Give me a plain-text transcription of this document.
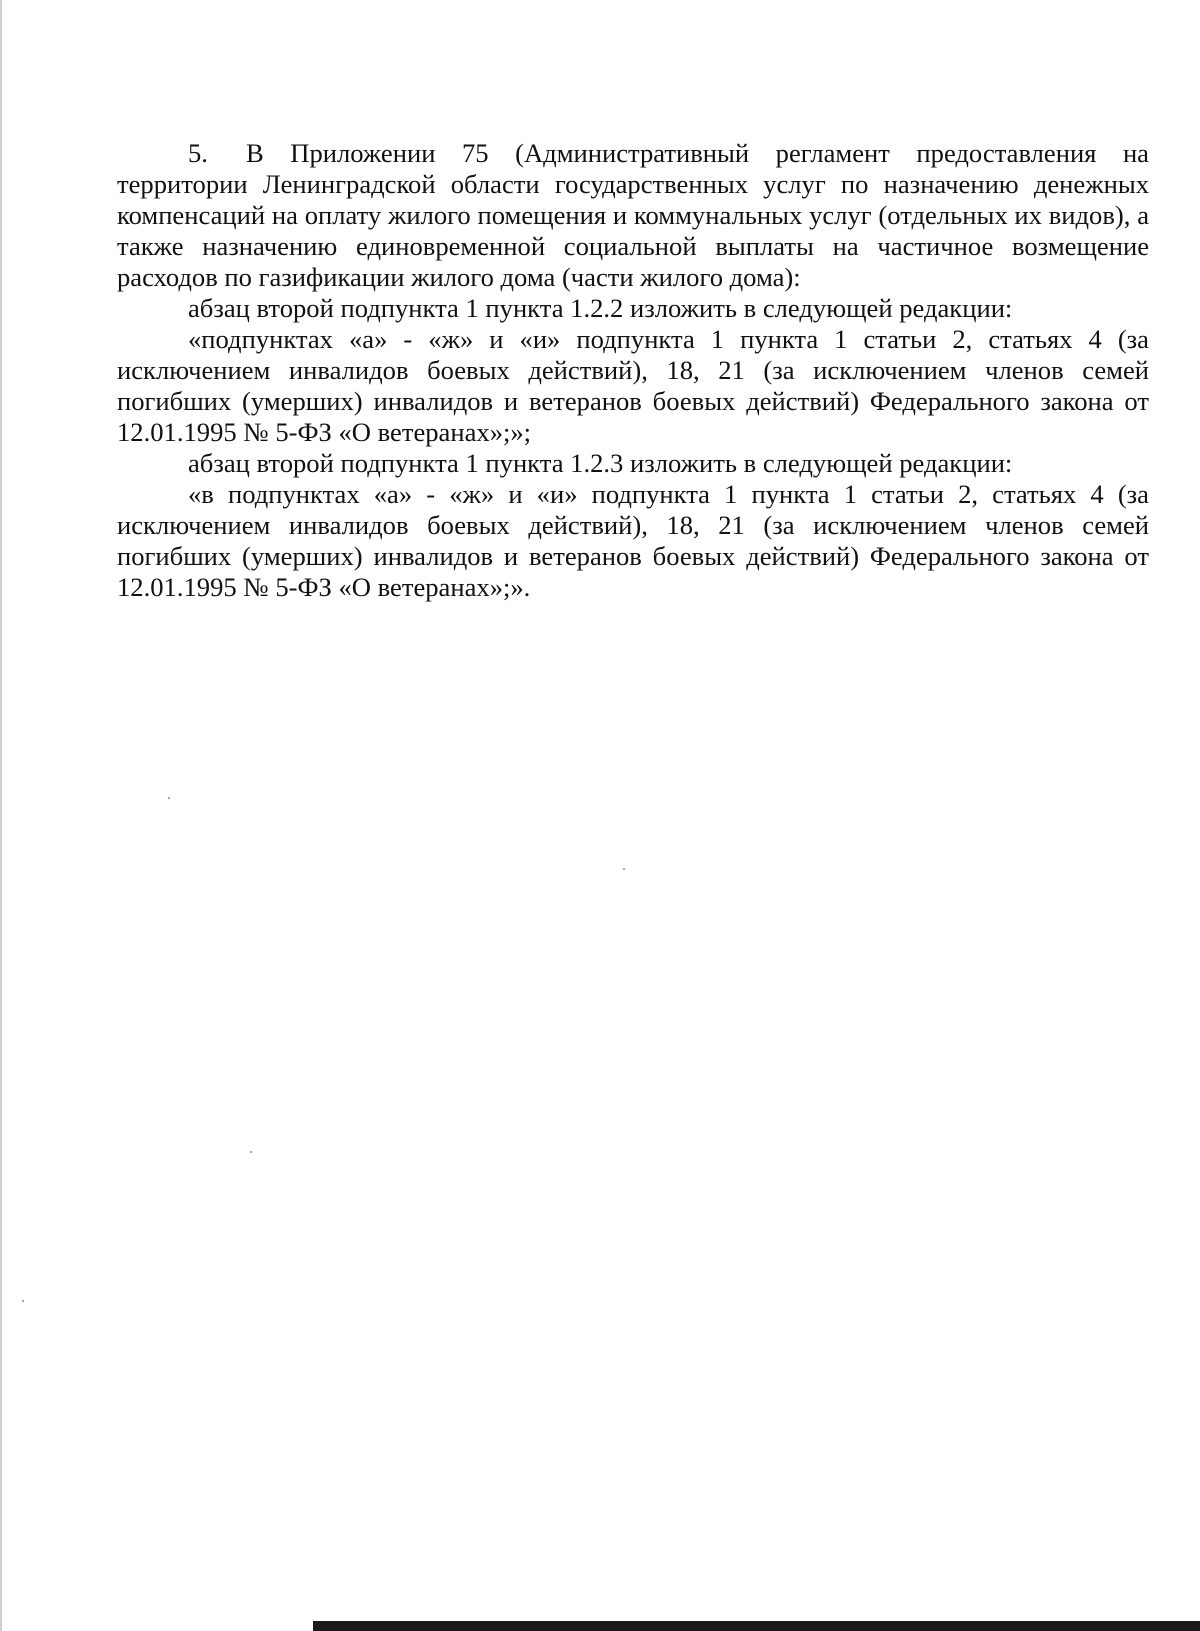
5. В Приложении 75 (Административный регламент предоставления на территории Ленинградской области государственных услуг по назначению денежных компенсаций на оплату жилого помещения и коммунальных услуг (отдельных их видов), а также назначению единовременной социальной выплаты на частичное возмещение расходов по газификации жилого дома (части жилого дома):

абзац второй подпункта 1 пункта 1.2.2 изложить в следующей редакции:

«подпунктах «а» - «ж» и «и» подпункта 1 пункта 1 статьи 2, статьях 4 (за исключением инвалидов боевых действий), 18, 21 (за исключением членов семей погибших (умерших) инвалидов и ветеранов боевых действий) Федерального закона от 12.01.1995 № 5-ФЗ «О ветеранах»;»;

абзац второй подпункта 1 пункта 1.2.3 изложить в следующей редакции:

«в подпунктах «а» - «ж» и «и» подпункта 1 пункта 1 статьи 2, статьях 4 (за исключением инвалидов боевых действий), 18, 21 (за исключением членов семей погибших (умерших) инвалидов и ветеранов боевых действий) Федерального закона от 12.01.1995 № 5-ФЗ «О ветеранах»;».
